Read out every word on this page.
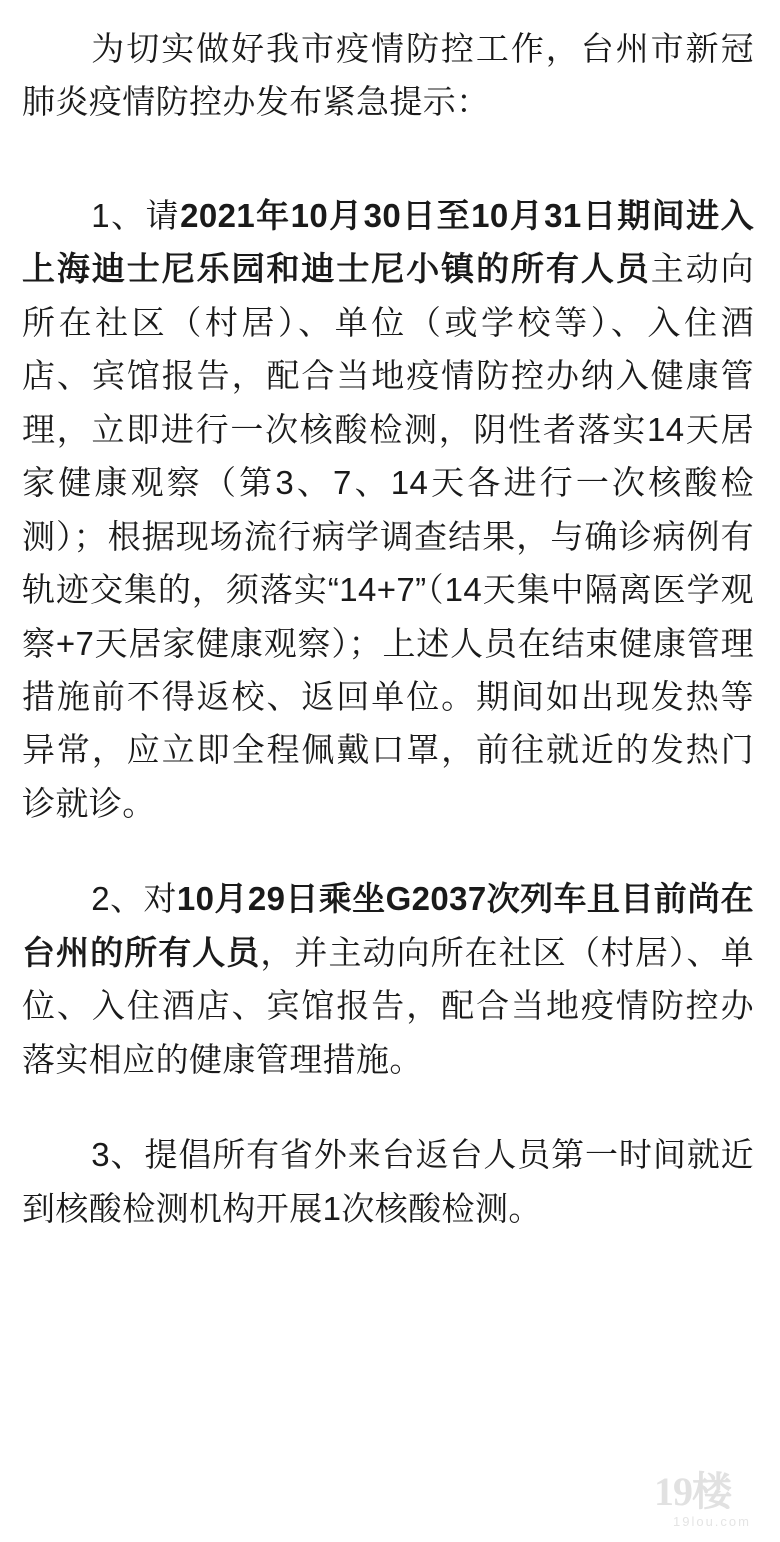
为切实做好我市疫情防控工作，台州市新冠肺炎疫情防控办发布紧急提示：

1、请2021年10月30日至10月31日期间进入上海迪士尼乐园和迪士尼小镇的所有人员主动向所在社区（村居）、单位（或学校等）、入住酒店、宾馆报告，配合当地疫情防控办纳入健康管理，立即进行一次核酸检测，阴性者落实14天居家健康观察（第3、7、14天各进行一次核酸检测）；根据现场流行病学调查结果，与确诊病例有轨迹交集的，须落实“14+7”（14天集中隔离医学观察+7天居家健康观察）；上述人员在结束健康管理措施前不得返校、返回单位。期间如出现发热等异常，应立即全程佩戴口罩，前往就近的发热门诊就诊。

2、对10月29日乘坐G2037次列车且目前尚在台州的所有人员，并主动向所在社区（村居）、单位、入住酒店、宾馆报告，配合当地疫情防控办落实相应的健康管理措施。

3、提倡所有省外来台返台人员第一时间就近到核酸检测机构开展1次核酸检测。

19楼
19lou.com
